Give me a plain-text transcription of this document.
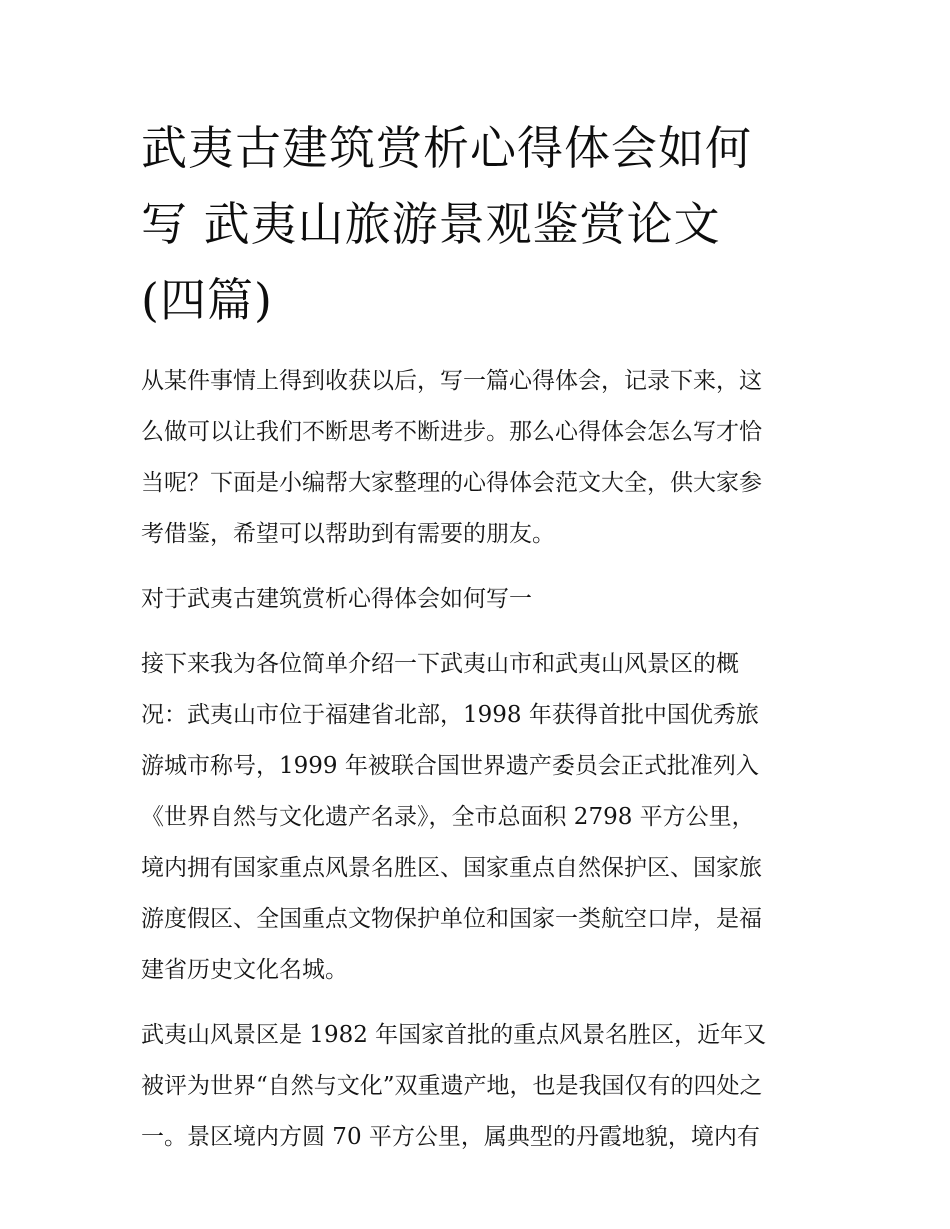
武夷古建筑赏析心得体会如何
写 武夷山旅游景观鉴赏论文
(四篇)

从某件事情上得到收获以后，写一篇心得体会，记录下来，这
么做可以让我们不断思考不断进步。那么心得体会怎么写才恰
当呢？下面是小编帮大家整理的心得体会范文大全，供大家参
考借鉴，希望可以帮助到有需要的朋友。

对于武夷古建筑赏析心得体会如何写一

接下来我为各位简单介绍一下武夷山市和武夷山风景区的概
况：武夷山市位于福建省北部，1998 年获得首批中国优秀旅
游城市称号，1999 年被联合国世界遗产委员会正式批准列入
《世界自然与文化遗产名录》，全市总面积 2798 平方公里，
境内拥有国家重点风景名胜区、国家重点自然保护区、国家旅
游度假区、全国重点文物保护单位和国家一类航空口岸，是福
建省历史文化名城。

武夷山风景区是 1982 年国家首批的重点风景名胜区，近年又
被评为世界“自然与文化”双重遗产地，也是我国仅有的四处之
一。景区境内方圆 70 平方公里，属典型的丹霞地貌，境内有
